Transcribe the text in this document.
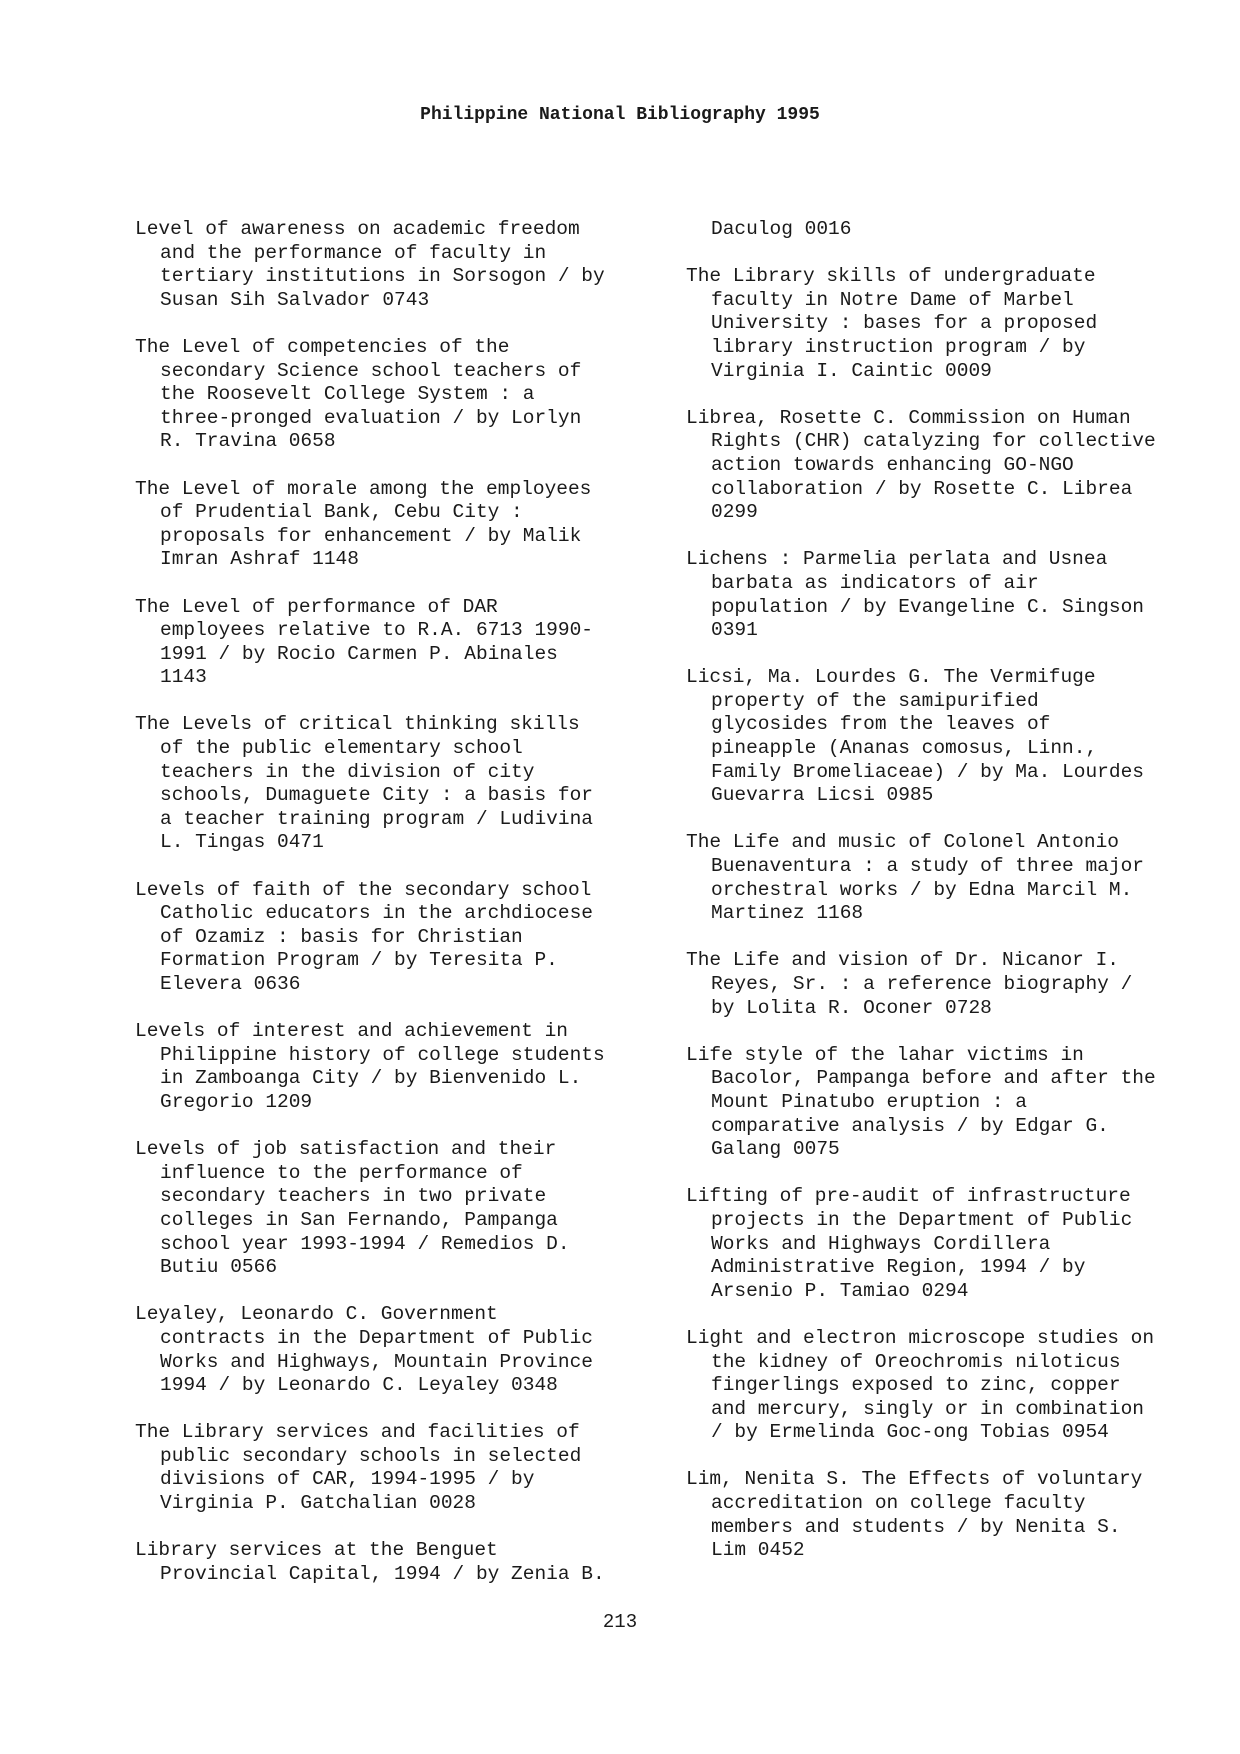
Philippine National Bibliography 1995

Level of awareness on academic freedom
and the performance of faculty in
tertiary institutions in Sorsogon / by
Susan Sih Salvador 0743

The Level of competencies of the
secondary Science school teachers of
the Roosevelt College System : a
three-pronged evaluation / by Lorlyn
R. Travina 0658

The Level of morale among the employees
of Prudential Bank, Cebu City :
proposals for enhancement / by Malik
Imran Ashraf 1148

The Level of performance of DAR
employees relative to R.A. 6713 1990-
1991 / by Rocio Carmen P. Abinales
1143

The Levels of critical thinking skills
of the public elementary school
teachers in the division of city
schools, Dumaguete City : a basis for
a teacher training program / Ludivina
L. Tingas 0471

Levels of faith of the secondary school
Catholic educators in the archdiocese
of Ozamiz : basis for Christian
Formation Program / by Teresita P.
Elevera 0636

Levels of interest and achievement in
Philippine history of college students
in Zamboanga City / by Bienvenido L.
Gregorio 1209

Levels of job satisfaction and their
influence to the performance of
secondary teachers in two private
colleges in San Fernando, Pampanga
school year 1993-1994 / Remedios D.
Butiu 0566

Leyaley, Leonardo C. Government
contracts in the Department of Public
Works and Highways, Mountain Province
1994 / by Leonardo C. Leyaley 0348

The Library services and facilities of
public secondary schools in selected
divisions of CAR, 1994-1995 / by
Virginia P. Gatchalian 0028

Library services at the Benguet
Provincial Capital, 1994 / by Zenia B.

Daculog 0016

The Library skills of undergraduate
faculty in Notre Dame of Marbel
University : bases for a proposed
library instruction program / by
Virginia I. Caintic 0009

Librea, Rosette C. Commission on Human
Rights (CHR) catalyzing for collective
action towards enhancing GO-NGO
collaboration / by Rosette C. Librea
0299

Lichens : Parmelia perlata and Usnea
barbata as indicators of air
population / by Evangeline C. Singson
0391

Licsi, Ma. Lourdes G. The Vermifuge
property of the samipurified
glycosides from the leaves of
pineapple (Ananas comosus, Linn.,
Family Bromeliaceae) / by Ma. Lourdes
Guevarra Licsi 0985

The Life and music of Colonel Antonio
Buenaventura : a study of three major
orchestral works / by Edna Marcil M.
Martinez 1168

The Life and vision of Dr. Nicanor I.
Reyes, Sr. : a reference biography /
by Lolita R. Oconer 0728

Life style of the lahar victims in
Bacolor, Pampanga before and after the
Mount Pinatubo eruption : a
comparative analysis / by Edgar G.
Galang 0075

Lifting of pre-audit of infrastructure
projects in the Department of Public
Works and Highways Cordillera
Administrative Region, 1994 / by
Arsenio P. Tamiao 0294

Light and electron microscope studies on
the kidney of Oreochromis niloticus
fingerlings exposed to zinc, copper
and mercury, singly or in combination
/ by Ermelinda Goc-ong Tobias 0954

Lim, Nenita S. The Effects of voluntary
accreditation on college faculty
members and students / by Nenita S.
Lim 0452

213
